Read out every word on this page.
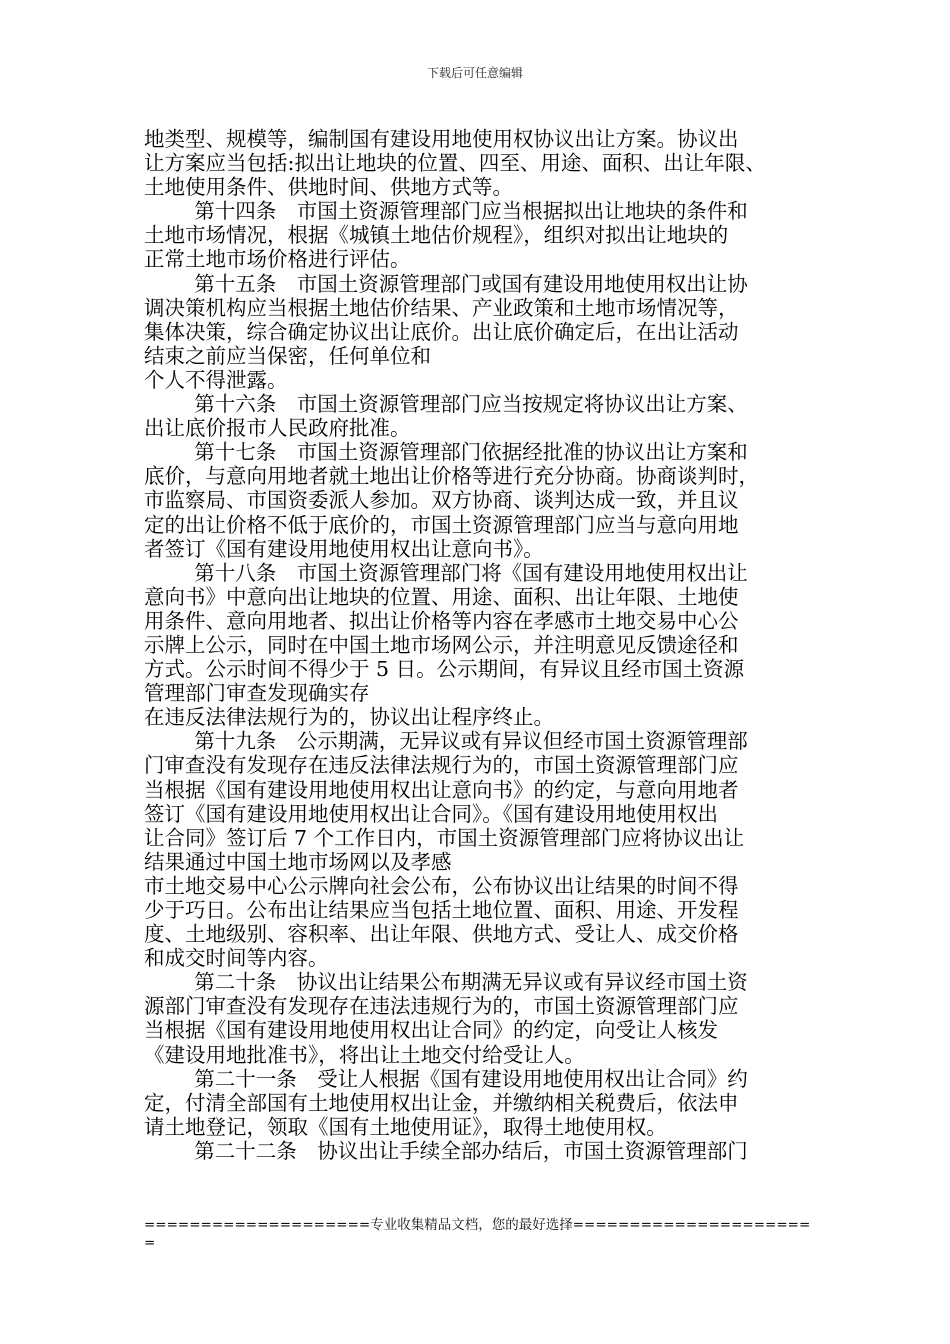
下载后可任意编辑
地类型、规模等，编制国有建设用地使用权协议出让方案。协议出
让方案应当包括:拟出让地块的位置、四至、用途、面积、出让年限、
土地使用条件、供地时间、供地方式等。
第十四条　市国土资源管理部门应当根据拟出让地块的条件和
土地市场情况，根据《城镇土地估价规程》，组织对拟出让地块的
正常土地市场价格进行评估。
第十五条　市国土资源管理部门或国有建设用地使用权出让协
调决策机构应当根据土地估价结果、产业政策和土地市场情况等，
集体决策，综合确定协议出让底价。出让底价确定后，在出让活动
结束之前应当保密，任何单位和
个人不得泄露。
第十六条　市国土资源管理部门应当按规定将协议出让方案、
出让底价报市人民政府批准。
第十七条　市国土资源管理部门依据经批准的协议出让方案和
底价，与意向用地者就土地出让价格等进行充分协商。协商谈判时，
市监察局、市国资委派人参加。双方协商、谈判达成一致，并且议
定的出让价格不低于底价的，市国土资源管理部门应当与意向用地
者签订《国有建设用地使用权出让意向书》。
第十八条　市国土资源管理部门将《国有建设用地使用权出让
意向书》中意向出让地块的位置、用途、面积、出让年限、土地使
用条件、意向用地者、拟出让价格等内容在孝感市土地交易中心公
示牌上公示，同时在中国土地市场网公示，并注明意见反馈途径和
方式。公示时间不得少于 5 日。公示期间，有异议且经市国土资源
管理部门审查发现确实存
在违反法律法规行为的，协议出让程序终止。
第十九条　公示期满，无异议或有异议但经市国土资源管理部
门审查没有发现存在违反法律法规行为的，市国土资源管理部门应
当根据《国有建设用地使用权出让意向书》的约定，与意向用地者
签订《国有建设用地使用权出让合同》。《国有建设用地使用权出
让合同》签订后 7 个工作日内，市国土资源管理部门应将协议出让
结果通过中国土地市场网以及孝感
市土地交易中心公示牌向社会公布，公布协议出让结果的时间不得
少于巧日。公布出让结果应当包括土地位置、面积、用途、开发程
度、土地级别、容积率、出让年限、供地方式、受让人、成交价格
和成交时间等内容。
第二十条　协议出让结果公布期满无异议或有异议经市国土资
源部门审查没有发现存在违法违规行为的，市国土资源管理部门应
当根据《国有建设用地使用权出让合同》的约定，向受让人核发
《建设用地批准书》，将出让土地交付给受让人。
第二十一条　受让人根据《国有建设用地使用权出让合同》约
定，付清全部国有土地使用权出让金，并缴纳相关税费后，依法申
请土地登记，领取《国有土地使用证》，取得土地使用权。
第二十二条　协议出让手续全部办结后，市国土资源管理部门
====================专业收集精品文档，您的最好选择=====================
=
